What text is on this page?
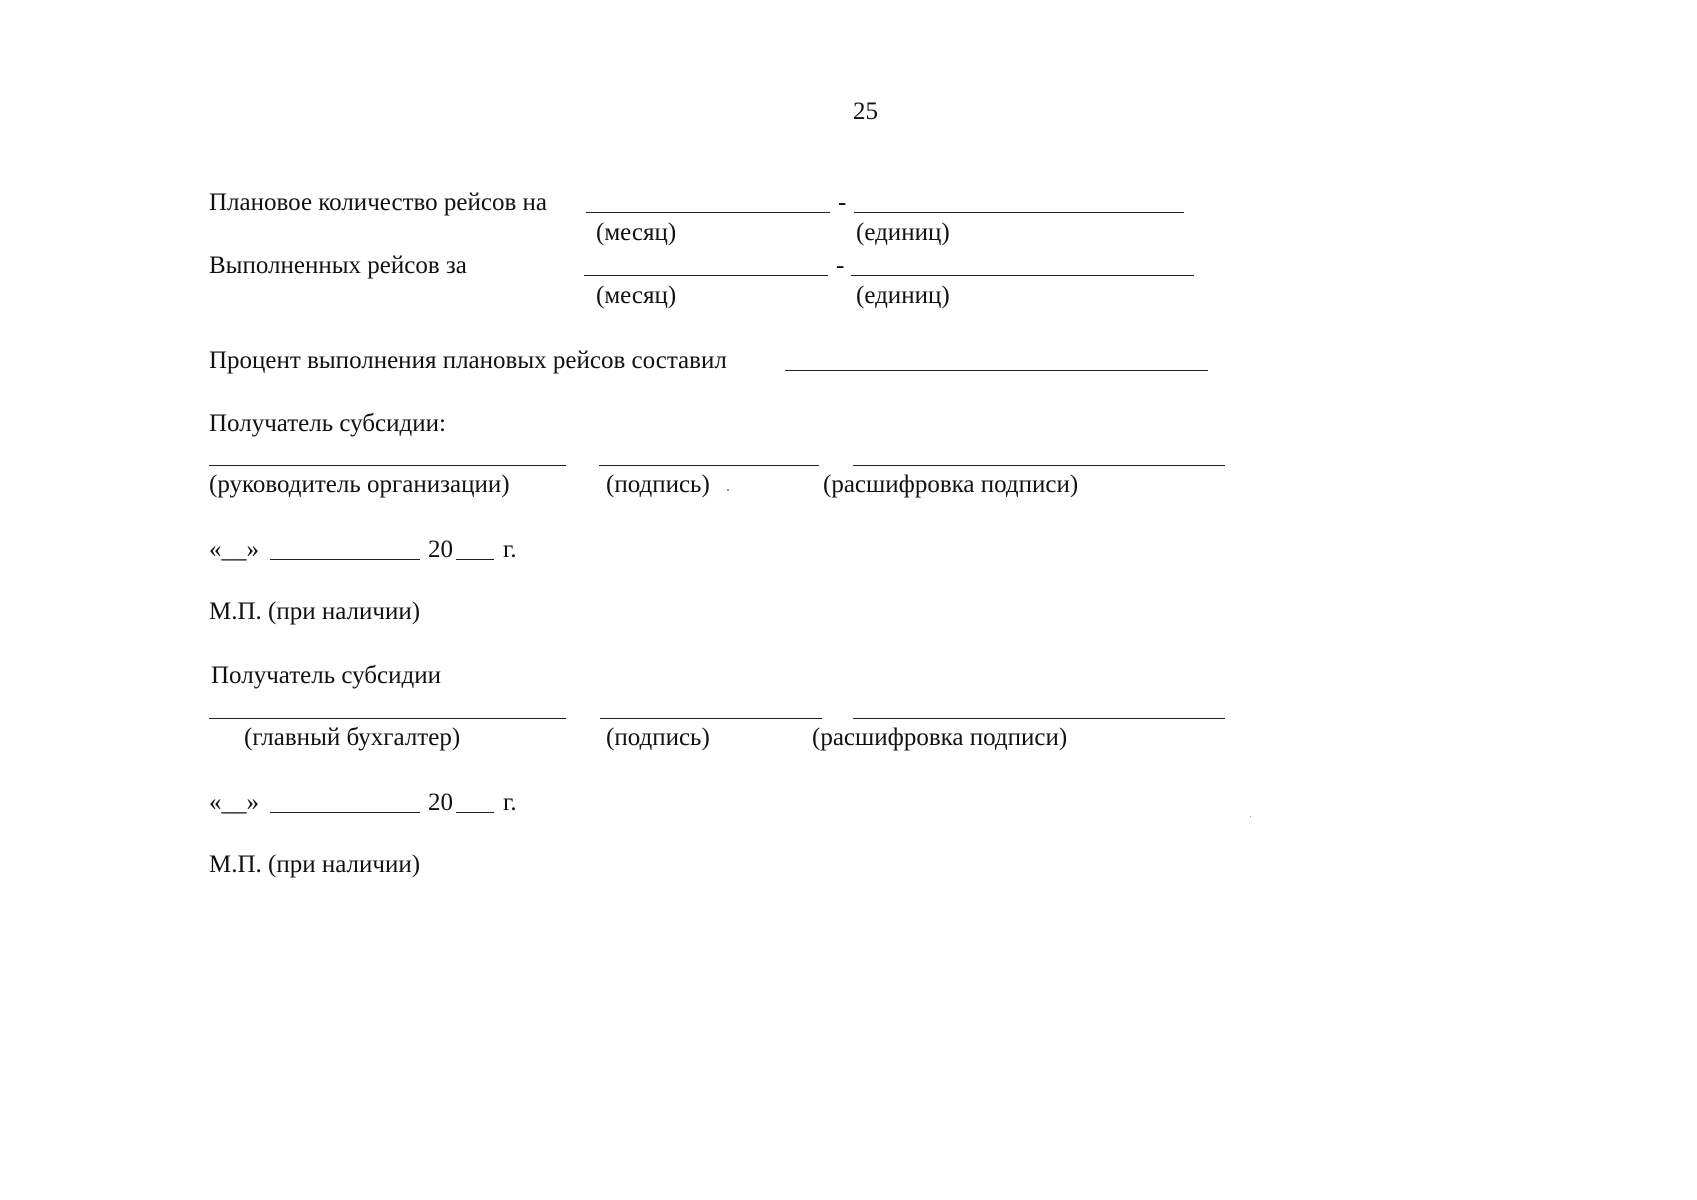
25
Плановое количество рейсов на	-
(месяц)	(единиц)
Выполненных рейсов за	-
(месяц)	(единиц)
Процент выполнения плановых рейсов составил
Получатель субсидии:
(руководитель организации)	(подпись)	(расшифровка подписи)
«__»	20 г.
М.П. (при наличии)
Получатель субсидии
(главный бухгалтер)	(подпись)	(расшифровка подписи)
«__»	20 г.
М.П. (при наличии)
